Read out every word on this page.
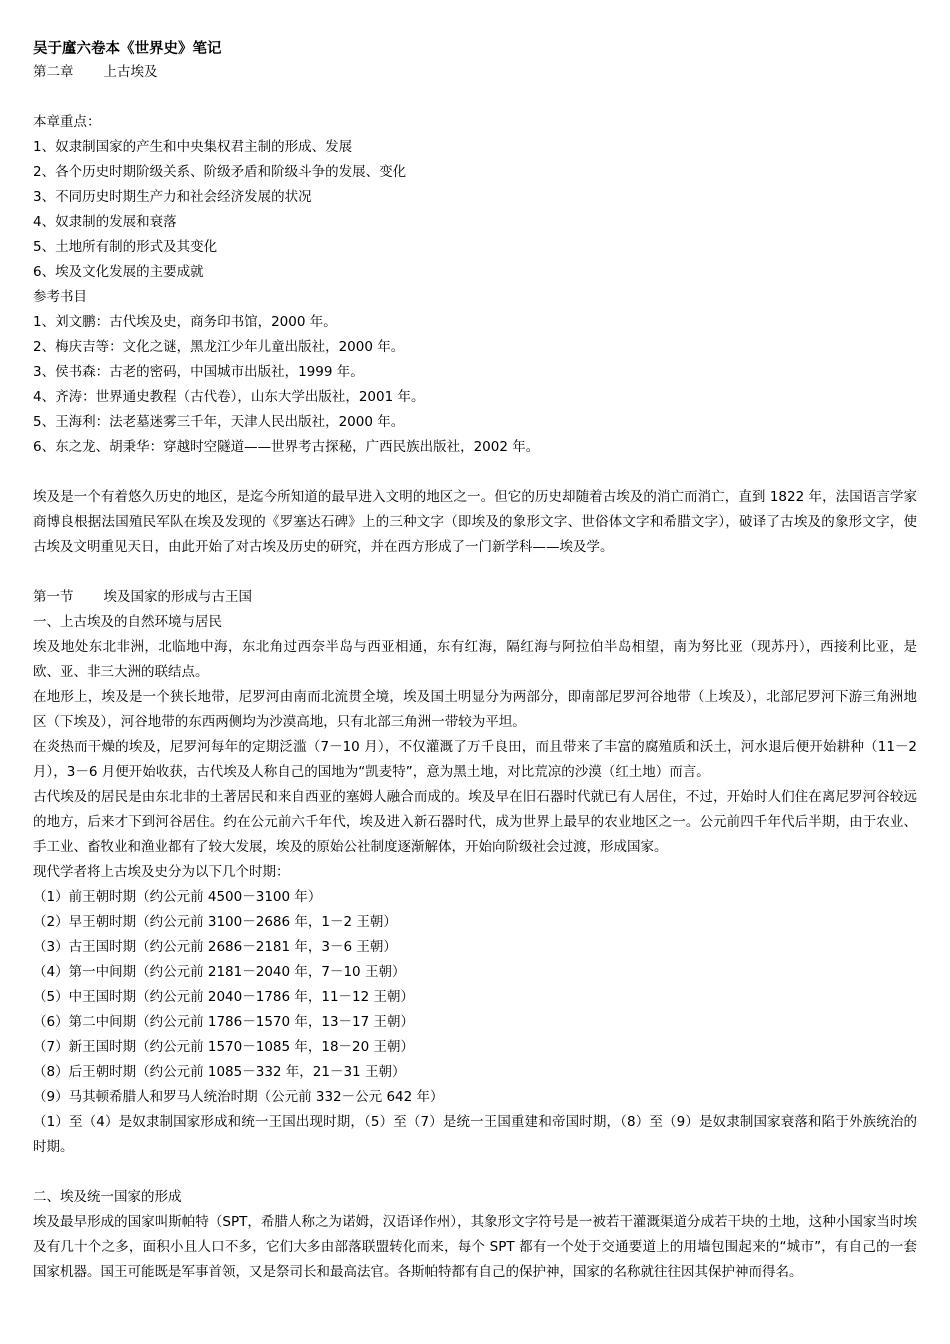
吴于廑六卷本《世界史》笔记

第二章 上古埃及

本章重点：

1、奴隶制国家的产生和中央集权君主制的形成、发展

2、各个历史时期阶级关系、阶级矛盾和阶级斗争的发展、变化

3、不同历史时期生产力和社会经济发展的状况

4、奴隶制的发展和衰落

5、土地所有制的形式及其变化

6、埃及文化发展的主要成就

参考书目

1、刘文鹏：古代埃及史，商务印书馆，2000 年。

2、梅庆吉等：文化之谜，黑龙江少年儿童出版社，2000 年。

3、侯书森：古老的密码，中国城市出版社，1999 年。

4、齐涛：世界通史教程（古代卷），山东大学出版社，2001 年。

5、王海利：法老墓迷雾三千年，天津人民出版社，2000 年。

6、东之龙、胡秉华：穿越时空隧道——世界考古探秘，广西民族出版社，2002 年。

埃及是一个有着悠久历史的地区，是迄今所知道的最早进入文明的地区之一。但它的历史却随着古埃及的消亡而消亡，直到 1822 年，法国语言学家商博良根据法国殖民军队在埃及发现的《罗塞达石碑》上的三种文字（即埃及的象形文字、世俗体文字和希腊文字），破译了古埃及的象形文字，使古埃及文明重见天日，由此开始了对古埃及历史的研究，并在西方形成了一门新学科——埃及学。

第一节 埃及国家的形成与古王国

一、上古埃及的自然环境与居民

埃及地处东北非洲，北临地中海，东北角过西奈半岛与西亚相通，东有红海，隔红海与阿拉伯半岛相望，南为努比亚（现苏丹），西接利比亚，是欧、亚、非三大洲的联结点。

在地形上，埃及是一个狭长地带，尼罗河由南而北流贯全境，埃及国土明显分为两部分，即南部尼罗河谷地带（上埃及），北部尼罗河下游三角洲地区（下埃及），河谷地带的东西两侧均为沙漠高地，只有北部三角洲一带较为平坦。

在炎热而干燥的埃及，尼罗河每年的定期泛滥（7－10 月），不仅灌溉了万千良田，而且带来了丰富的腐殖质和沃土，河水退后便开始耕种（11－2 月），3－6 月便开始收获，古代埃及人称自己的国地为“凯麦特”，意为黑土地，对比荒凉的沙漠（红土地）而言。

古代埃及的居民是由东北非的土著居民和来自西亚的塞姆人融合而成的。埃及早在旧石器时代就已有人居住，不过，开始时人们住在离尼罗河谷较远的地方，后来才下到河谷居住。约在公元前六千年代，埃及进入新石器时代，成为世界上最早的农业地区之一。公元前四千年代后半期，由于农业、手工业、畜牧业和渔业都有了较大发展，埃及的原始公社制度逐渐解体，开始向阶级社会过渡，形成国家。

现代学者将上古埃及史分为以下几个时期：

（1）前王朝时期（约公元前 4500－3100 年）

（2）早王朝时期（约公元前 3100－2686 年，1－2 王朝）

（3）古王国时期（约公元前 2686－2181 年，3－6 王朝）

（4）第一中间期（约公元前 2181－2040 年，7－10 王朝）

（5）中王国时期（约公元前 2040－1786 年，11－12 王朝）

（6）第二中间期（约公元前 1786－1570 年，13－17 王朝）

（7）新王国时期（约公元前 1570－1085 年，18－20 王朝）

（8）后王朝时期（约公元前 1085－332 年，21－31 王朝）

（9）马其顿希腊人和罗马人统治时期（公元前 332－公元 642 年）

（1）至（4）是奴隶制国家形成和统一王国出现时期，（5）至（7）是统一王国重建和帝国时期，（8）至（9）是奴隶制国家衰落和陷于外族统治的时期。

二、埃及统一国家的形成

埃及最早形成的国家叫斯帕特（SPT，希腊人称之为诺姆，汉语译作州），其象形文字符号是一被若干灌溉渠道分成若干块的土地，这种小国家当时埃及有几十个之多，面积小且人口不多，它们大多由部落联盟转化而来，每个 SPT 都有一个处于交通要道上的用墙包围起来的“城市”，有自己的一套国家机器。国王可能既是军事首领，又是祭司长和最高法官。各斯帕特都有自己的保护神，国家的名称就往往因其保护神而得名。
